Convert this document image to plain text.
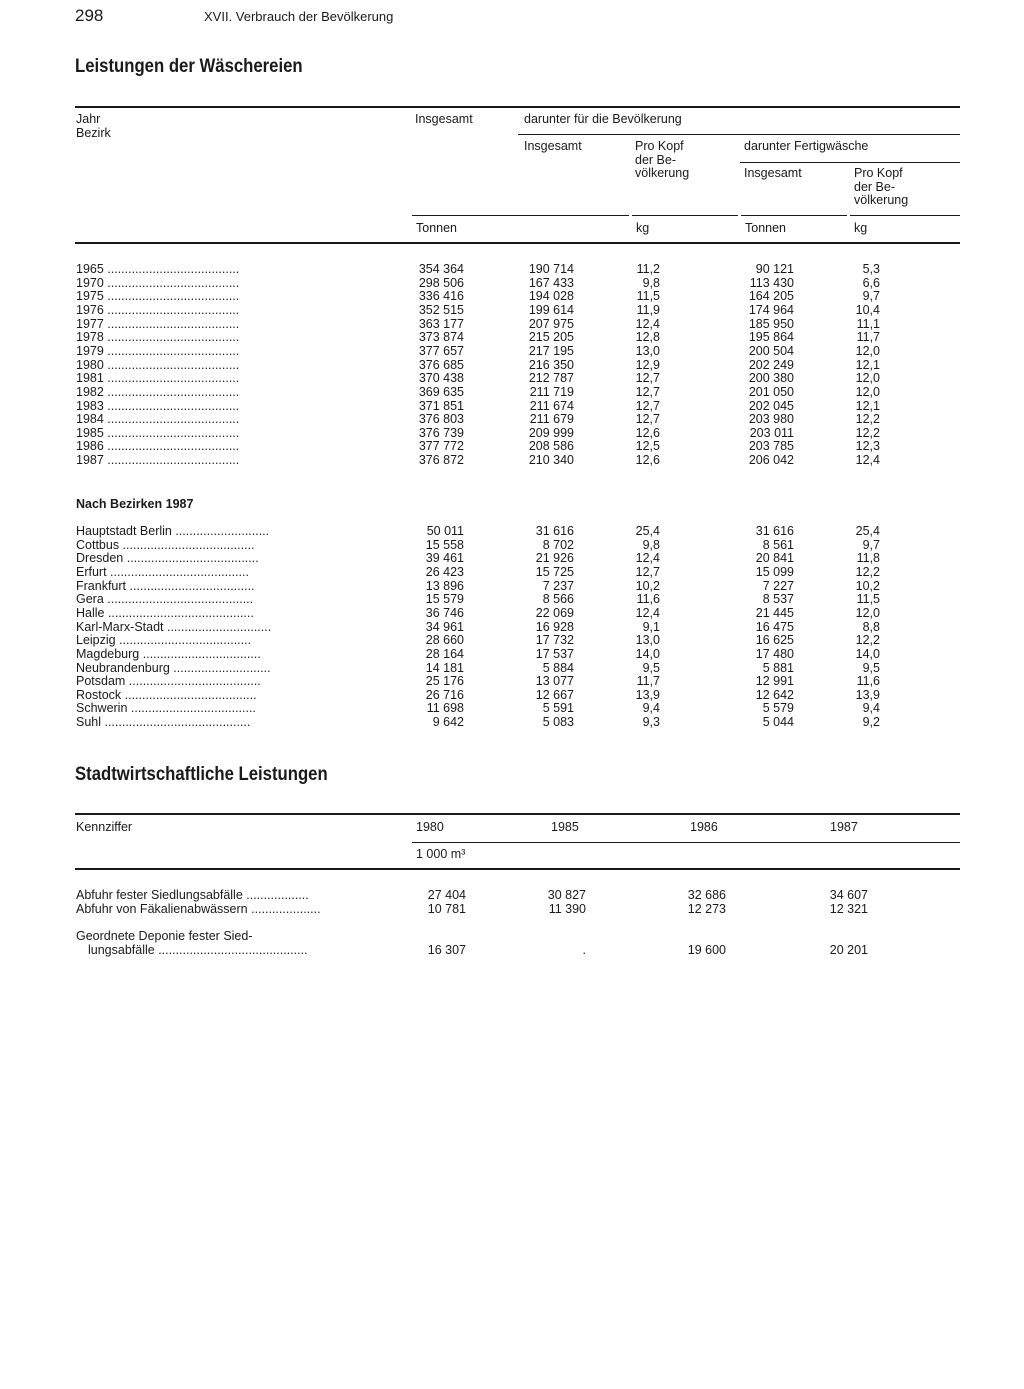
298	XVII. Verbrauch der Bevölkerung
Leistungen der Wäschereien
Jahr
Bezirk
Insgesamt	darunter für die Bevölkerung
Insgesamt	Pro Kopf
der Be-
völkerung
darunter Fertigwäsche
Insgesamt	Pro Kopf
der Be-
völkerung
Tonnen	kg	Tonnen	kg
1965 ......................................	354 364	190 714	11,2	90 121	5,3
1970 ......................................	298 506	167 433	9,8	113 430	6,6
1975 ......................................	336 416	194 028	11,5	164 205	9,7
1976 ......................................	352 515	199 614	11,9	174 964	10,4
1977 ......................................	363 177	207 975	12,4	185 950	11,1
1978 ......................................	373 874	215 205	12,8	195 864	11,7
1979 ......................................	377 657	217 195	13,0	200 504	12,0
1980 ......................................	376 685	216 350	12,9	202 249	12,1
1981 ......................................	370 438	212 787	12,7	200 380	12,0
1982 ......................................	369 635	211 719	12,7	201 050	12,0
1983 ......................................	371 851	211 674	12,7	202 045	12,1
1984 ......................................	376 803	211 679	12,7	203 980	12,2
1985 ......................................	376 739	209 999	12,6	203 011	12,2
1986 ......................................	377 772	208 586	12,5	203 785	12,3
1987 ......................................	376 872	210 340	12,6	206 042	12,4
Nach Bezirken 1987
Hauptstadt Berlin ...........................	50 011	31 616	25,4	31 616	25,4
Cottbus ......................................	15 558	8 702	9,8	8 561	9,7
Dresden ......................................	39 461	21 926	12,4	20 841	11,8
Erfurt ........................................	26 423	15 725	12,7	15 099	12,2
Frankfurt ....................................	13 896	7 237	10,2	7 227	10,2
Gera ..........................................	15 579	8 566	11,6	8 537	11,5
Halle ..........................................	36 746	22 069	12,4	21 445	12,0
Karl-Marx-Stadt ..............................	34 961	16 928	9,1	16 475	8,8
Leipzig ......................................	28 660	17 732	13,0	16 625	12,2
Magdeburg ..................................	28 164	17 537	14,0	17 480	14,0
Neubrandenburg ............................	14 181	5 884	9,5	5 881	9,5
Potsdam ......................................	25 176	13 077	11,7	12 991	11,6
Rostock ......................................	26 716	12 667	13,9	12 642	13,9
Schwerin ....................................	11 698	5 591	9,4	5 579	9,4
Suhl ..........................................	9 642	5 083	9,3	5 044	9,2
Stadtwirtschaftliche Leistungen
Kennziffer	1980	1985	1986	1987
1 000 m³
Abfuhr fester Siedlungsabfälle ..................	27 404	30 827	32 686	34 607
Abfuhr von Fäkalienabwässern ....................	10 781	11 390	12 273	12 321
Geordnete Deponie fester Sied-
lungsabfälle ...........................................	16 307	.	19 600	20 201
